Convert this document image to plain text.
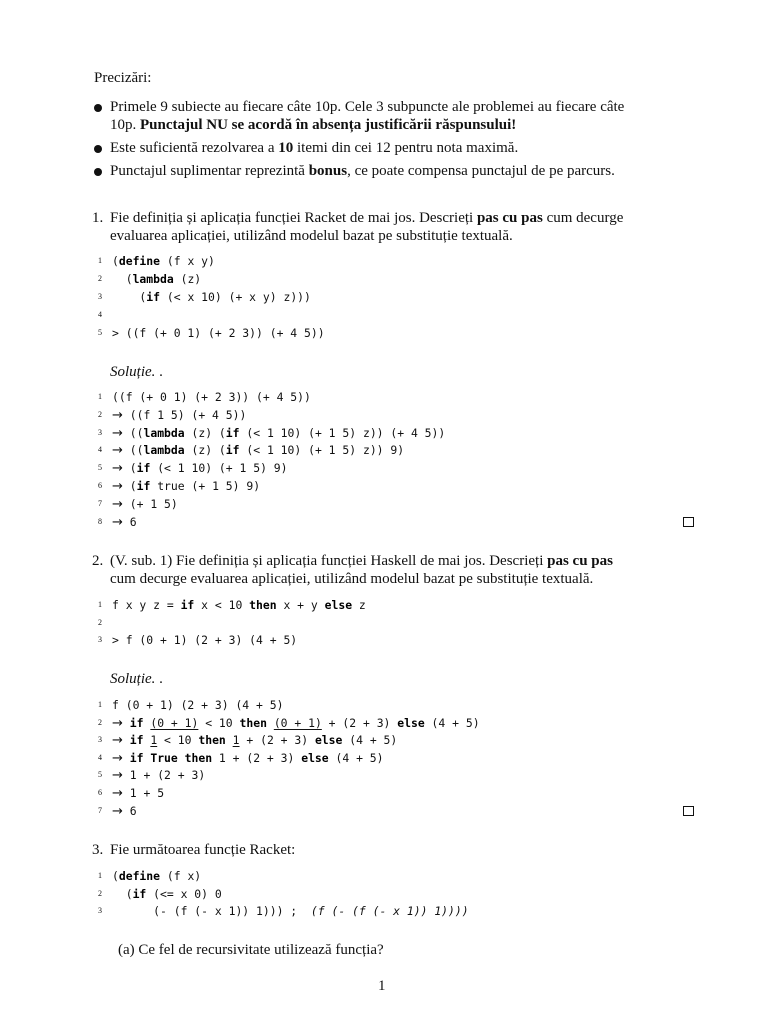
Precizări:
Primele 9 subiecte au fiecare câte 10p. Cele 3 subpuncte ale problemei au fiecare câte
10p. Punctajul NU se acordă în absența justificării răspunsului!
Este suficientă rezolvarea a 10 itemi din cei 12 pentru nota maximă.
Punctajul suplimentar reprezintă bonus, ce poate compensa punctajul de pe parcurs.
1. Fie definiția și aplicația funcției Racket de mai jos. Descrieți pas cu pas cum decurge
evaluarea aplicației, utilizând modelul bazat pe substituție textuală.
1
2
3
4
5
(define (f x y)
(lambda (z)
(if (< x 10) (+ x y) z)))
> ((f (+ 0 1) (+ 2 3)) (+ 4 5))
Soluție. .
1
2
3
4
5
6
7
8
((f (+ 0 1) (+ 2 3)) (+ 4 5))
→ ((f 1 5) (+ 4 5))
→ ((lambda (z) (if (< 1 10) (+ 1 5) z)) (+ 4 5))
→ ((lambda (z) (if (< 1 10) (+ 1 5) z)) 9)
→ (if (< 1 10) (+ 1 5) 9)
→ (if true (+ 1 5) 9)
→ (+ 1 5)
→ 6
2. (V. sub. 1) Fie definiția și aplicația funcției Haskell de mai jos. Descrieți pas cu pas
cum decurge evaluarea aplicației, utilizând modelul bazat pe substituție textuală.
1
2
3
f x y z = if x < 10 then x + y else z
> f (0 + 1) (2 + 3) (4 + 5)
Soluție. .
1
2
3
4
5
6
7
f (0 + 1) (2 + 3) (4 + 5)
→ if (0 + 1) < 10 then (0 + 1) + (2 + 3) else (4 + 5)
→ if 1 < 10 then 1 + (2 + 3) else (4 + 5)
→ if True then 1 + (2 + 3) else (4 + 5)
→ 1 + (2 + 3)
→ 1 + 5
→ 6
3. Fie următoarea funcție Racket:
1
2
3
(define (f x)
(if (<= x 0) 0
(- (f (- x 1)) 1))) ;  (f (- (f (- x 1)) 1))))
(a) Ce fel de recursivitate utilizează funcția?
1
